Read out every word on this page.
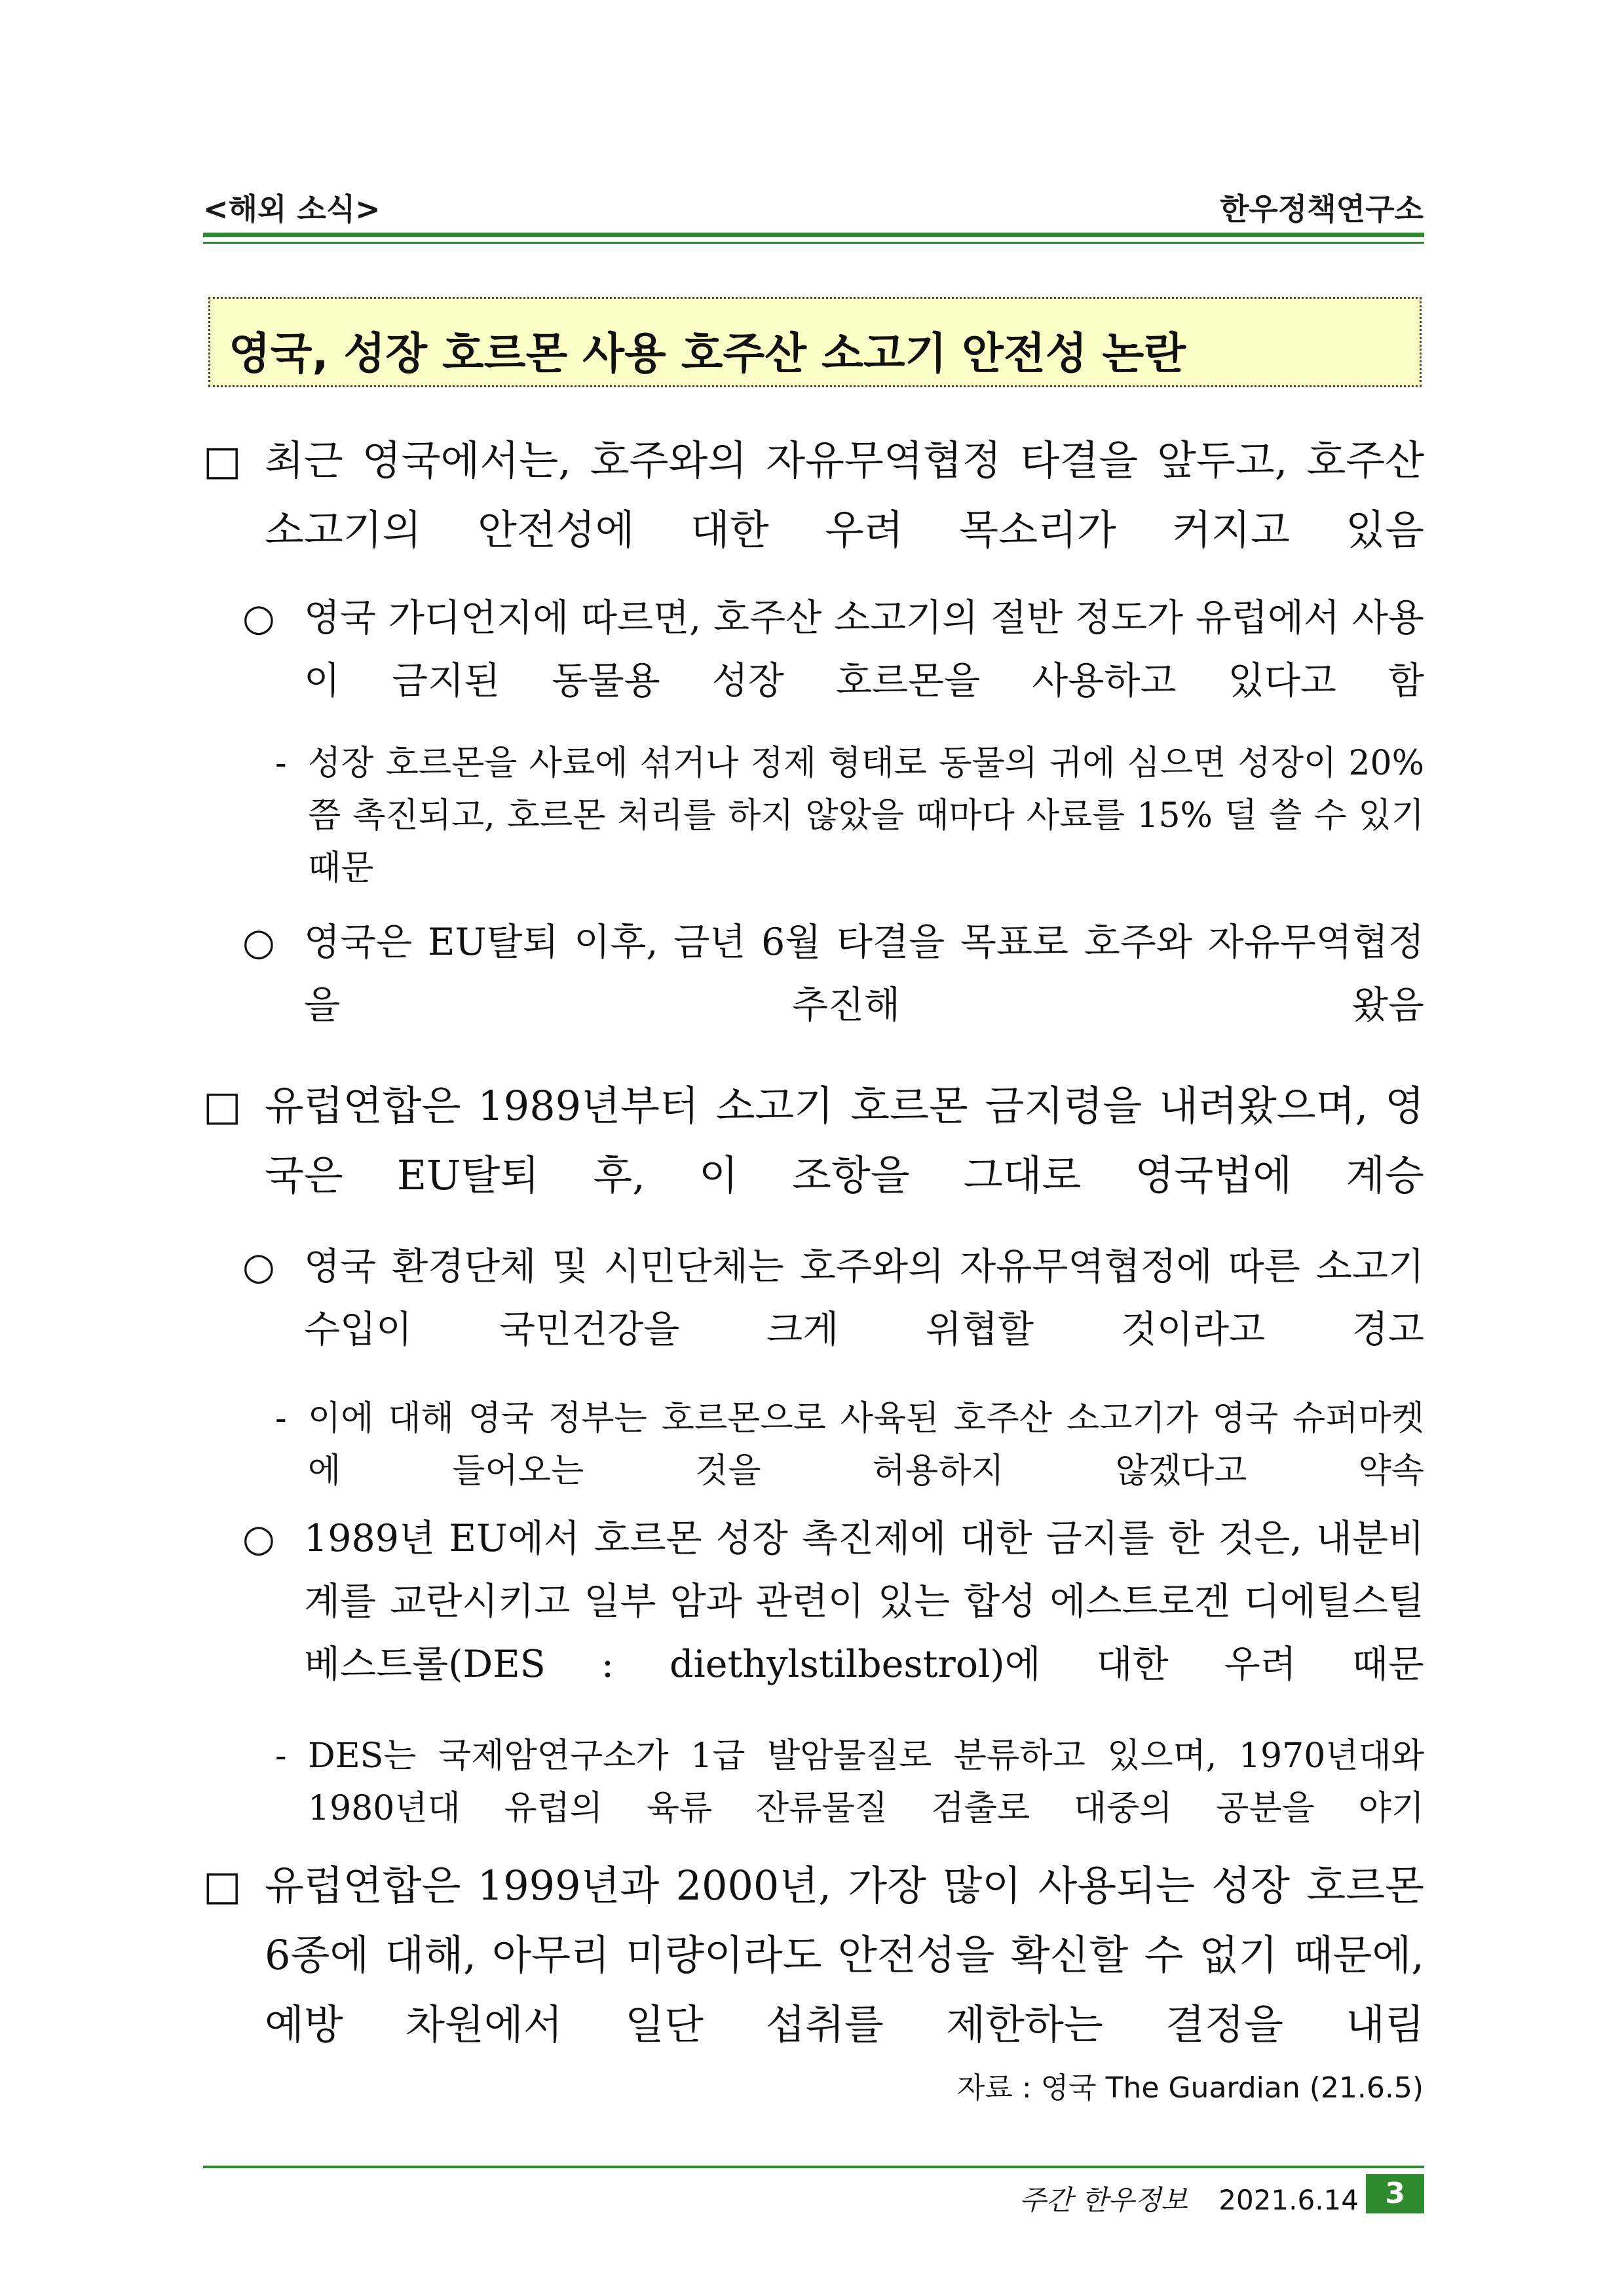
<해외 소식>	한우정책연구소
영국, 성장 호르몬 사용 호주산 소고기 안전성 논란
□ 최근 영국에서는, 호주와의 자유무역협정 타결을 앞두고, 호주산 소고기의 안전성에 대한 우려 목소리가 커지고 있음
○ 영국 가디언지에 따르면, 호주산 소고기의 절반 정도가 유럽에서 사용이 금지된 동물용 성장 호르몬을 사용하고 있다고 함
- 성장 호르몬을 사료에 섞거나 정제 형태로 동물의 귀에 심으면 성장이 20%쯤 촉진되고, 호르몬 처리를 하지 않았을 때마다 사료를 15% 덜 쓸 수 있기 때문
○ 영국은 EU탈퇴 이후, 금년 6월 타결을 목표로 호주와 자유무역협정을 추진해 왔음
□ 유럽연합은 1989년부터 소고기 호르몬 금지령을 내려왔으며, 영국은 EU탈퇴 후, 이 조항을 그대로 영국법에 계승
○ 영국 환경단체 및 시민단체는 호주와의 자유무역협정에 따른 소고기 수입이 국민건강을 크게 위협할 것이라고 경고
- 이에 대해 영국 정부는 호르몬으로 사육된 호주산 소고기가 영국 슈퍼마켓에 들어오는 것을 허용하지 않겠다고 약속
○ 1989년 EU에서 호르몬 성장 촉진제에 대한 금지를 한 것은, 내분비계를 교란시키고 일부 암과 관련이 있는 합성 에스트로겐 디에틸스틸베스트롤(DES : diethylstilbestrol)에 대한 우려 때문
- DES는 국제암연구소가 1급 발암물질로 분류하고 있으며, 1970년대와 1980년대 유럽의 육류 잔류물질 검출로 대중의 공분을 야기
□ 유럽연합은 1999년과 2000년, 가장 많이 사용되는 성장 호르몬 6종에 대해, 아무리 미량이라도 안전성을 확신할 수 없기 때문에, 예방 차원에서 일단 섭취를 제한하는 결정을 내림
자료 : 영국 The Guardian (21.6.5)
주간 한우정보 2021.6.14 3
